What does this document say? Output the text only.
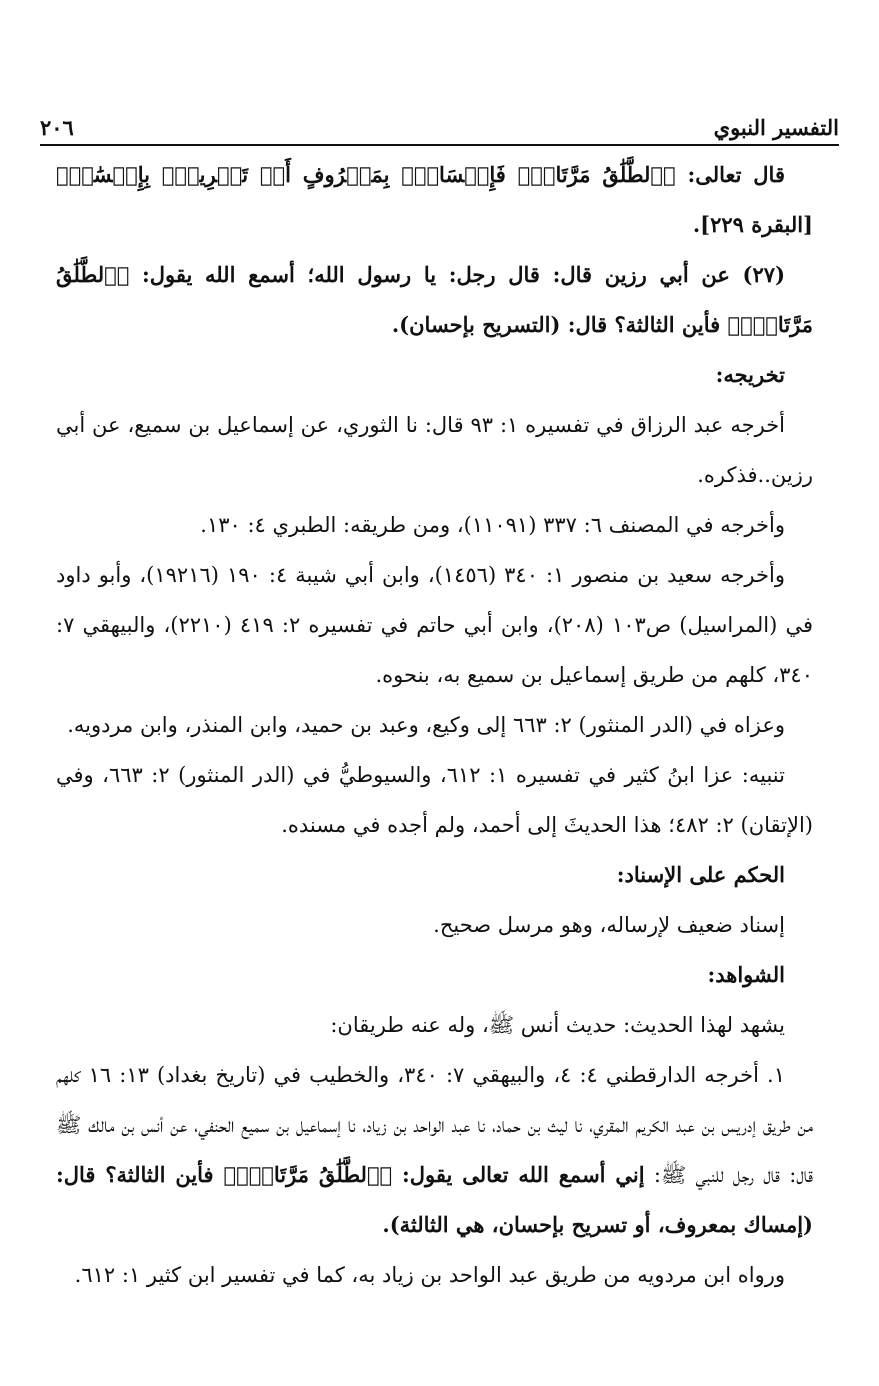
التفسير النبوي
٢٠٦

قال تعالى: ﴿ٱلطَّلَٰقُ مَرَّتَانِۖ فَإِمۡسَاكُۢ بِمَعۡرُوفٍ أَوۡ تَسۡرِيحُۢ بِإِحۡسَٰنٖ﴾ [البقرة ٢٢٩].

(٢٧) عن أبي رزين قال: قال رجل: يا رسول الله؛ أسمع الله يقول: ﴿ٱلطَّلَٰقُ مَرَّتَانِۖ﴾ فأين الثالثة؟ قال: (التسريح بإحسان).

تخريجه:

أخرجه عبد الرزاق في تفسيره ١: ٩٣ قال: نا الثوري، عن إسماعيل بن سميع، عن أبي رزين..فذكره.

وأخرجه في المصنف ٦: ٣٣٧ (١١٠٩١)، ومن طريقه: الطبري ٤: ١٣٠.

وأخرجه سعيد بن منصور ١: ٣٤٠ (١٤٥٦)، وابن أبي شيبة ٤: ١٩٠ (١٩٢١٦)، وأبو داود في (المراسيل) ص١٠٣ (٢٠٨)، وابن أبي حاتم في تفسيره ٢: ٤١٩ (٢٢١٠)، والبيهقي ٧: ٣٤٠، كلهم من طريق إسماعيل بن سميع به، بنحوه.

وعزاه في (الدر المنثور) ٢: ٦٦٣ إلى وكيع، وعبد بن حميد، وابن المنذر، وابن مردويه.

تنبيه: عزا ابنُ كثير في تفسيره ١: ٦١٢، والسيوطيُّ في (الدر المنثور) ٢: ٦٦٣، وفي (الإتقان) ٢: ٤٨٢؛ هذا الحديثَ إلى أحمد، ولم أجده في مسنده.

الحكم على الإسناد:

إسناد ضعيف لإرساله، وهو مرسل صحيح.

الشواهد:

يشهد لهذا الحديث: حديث أنس ﷺ، وله عنه طريقان:

١. أخرجه الدارقطني ٤: ٤، والبيهقي ٧: ٣٤٠، والخطيب في (تاريخ بغداد) ١٣: ١٦ كلهم من طريق إدريس بن عبد الكريم المقري، نا ليث بن حماد، نا عبد الواحد بن زياد، نا إسماعيل بن سميع الحنفي، عن أنس بن مالك ﷺ قال: قال رجل للنبي ﷺ: إني أسمع الله تعالى يقول: ﴿ٱلطَّلَٰقُ مَرَّتَانِۖ﴾ فأين الثالثة؟ قال: (إمساك بمعروف، أو تسريح بإحسان، هي الثالثة).

ورواه ابن مردويه من طريق عبد الواحد بن زياد به، كما في تفسير ابن كثير ١: ٦١٢.
